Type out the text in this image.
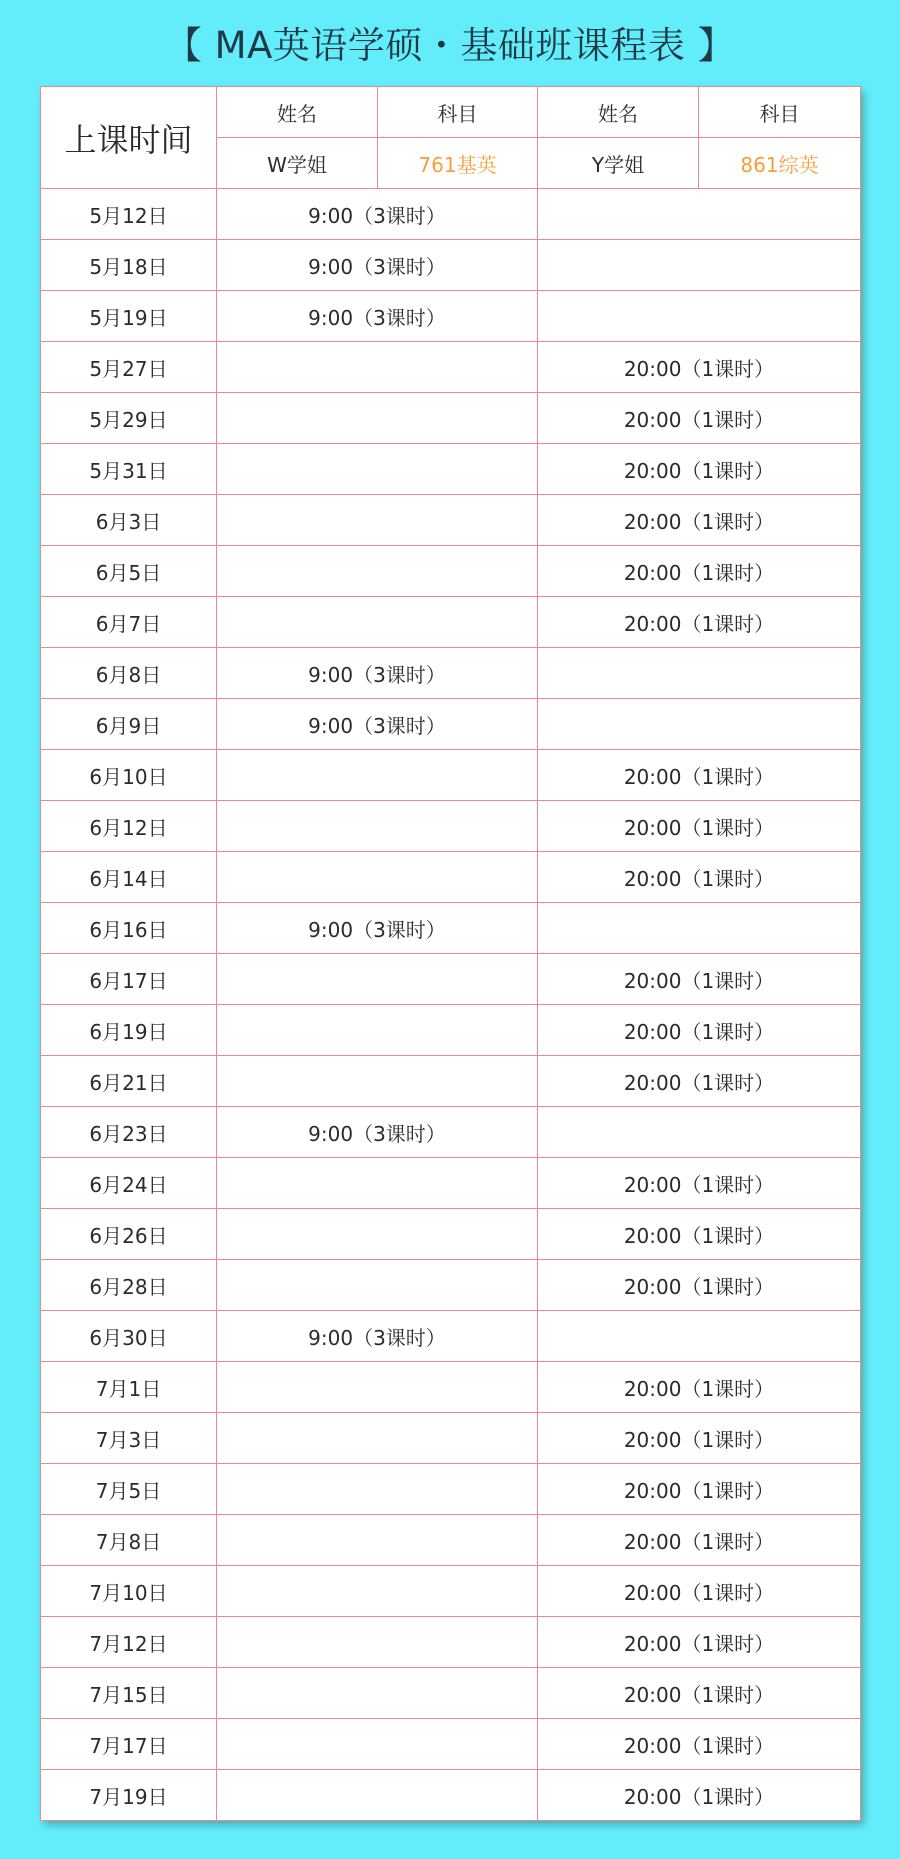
【 MA英语学硕・基础班课程表 】
上课时间	姓名	科目	姓名	科目
	W学姐	761基英	Y学姐	861综英
5月12日	9:00（3课时）			
5月18日	9:00（3课时）			
5月19日	9:00（3课时）			
5月27日			20:00（1课时）	
5月29日			20:00（1课时）	
5月31日			20:00（1课时）	
6月3日			20:00（1课时）	
6月5日			20:00（1课时）	
6月7日			20:00（1课时）	
6月8日	9:00（3课时）			
6月9日	9:00（3课时）			
6月10日			20:00（1课时）	
6月12日			20:00（1课时）	
6月14日			20:00（1课时）	
6月16日	9:00（3课时）			
6月17日			20:00（1课时）	
6月19日			20:00（1课时）	
6月21日			20:00（1课时）	
6月23日	9:00（3课时）			
6月24日			20:00（1课时）	
6月26日			20:00（1课时）	
6月28日			20:00（1课时）	
6月30日	9:00（3课时）			
7月1日			20:00（1课时）	
7月3日			20:00（1课时）	
7月5日			20:00（1课时）	
7月8日			20:00（1课时）	
7月10日			20:00（1课时）	
7月12日			20:00（1课时）	
7月15日			20:00（1课时）	
7月17日			20:00（1课时）	
7月19日			20:00（1课时）	
